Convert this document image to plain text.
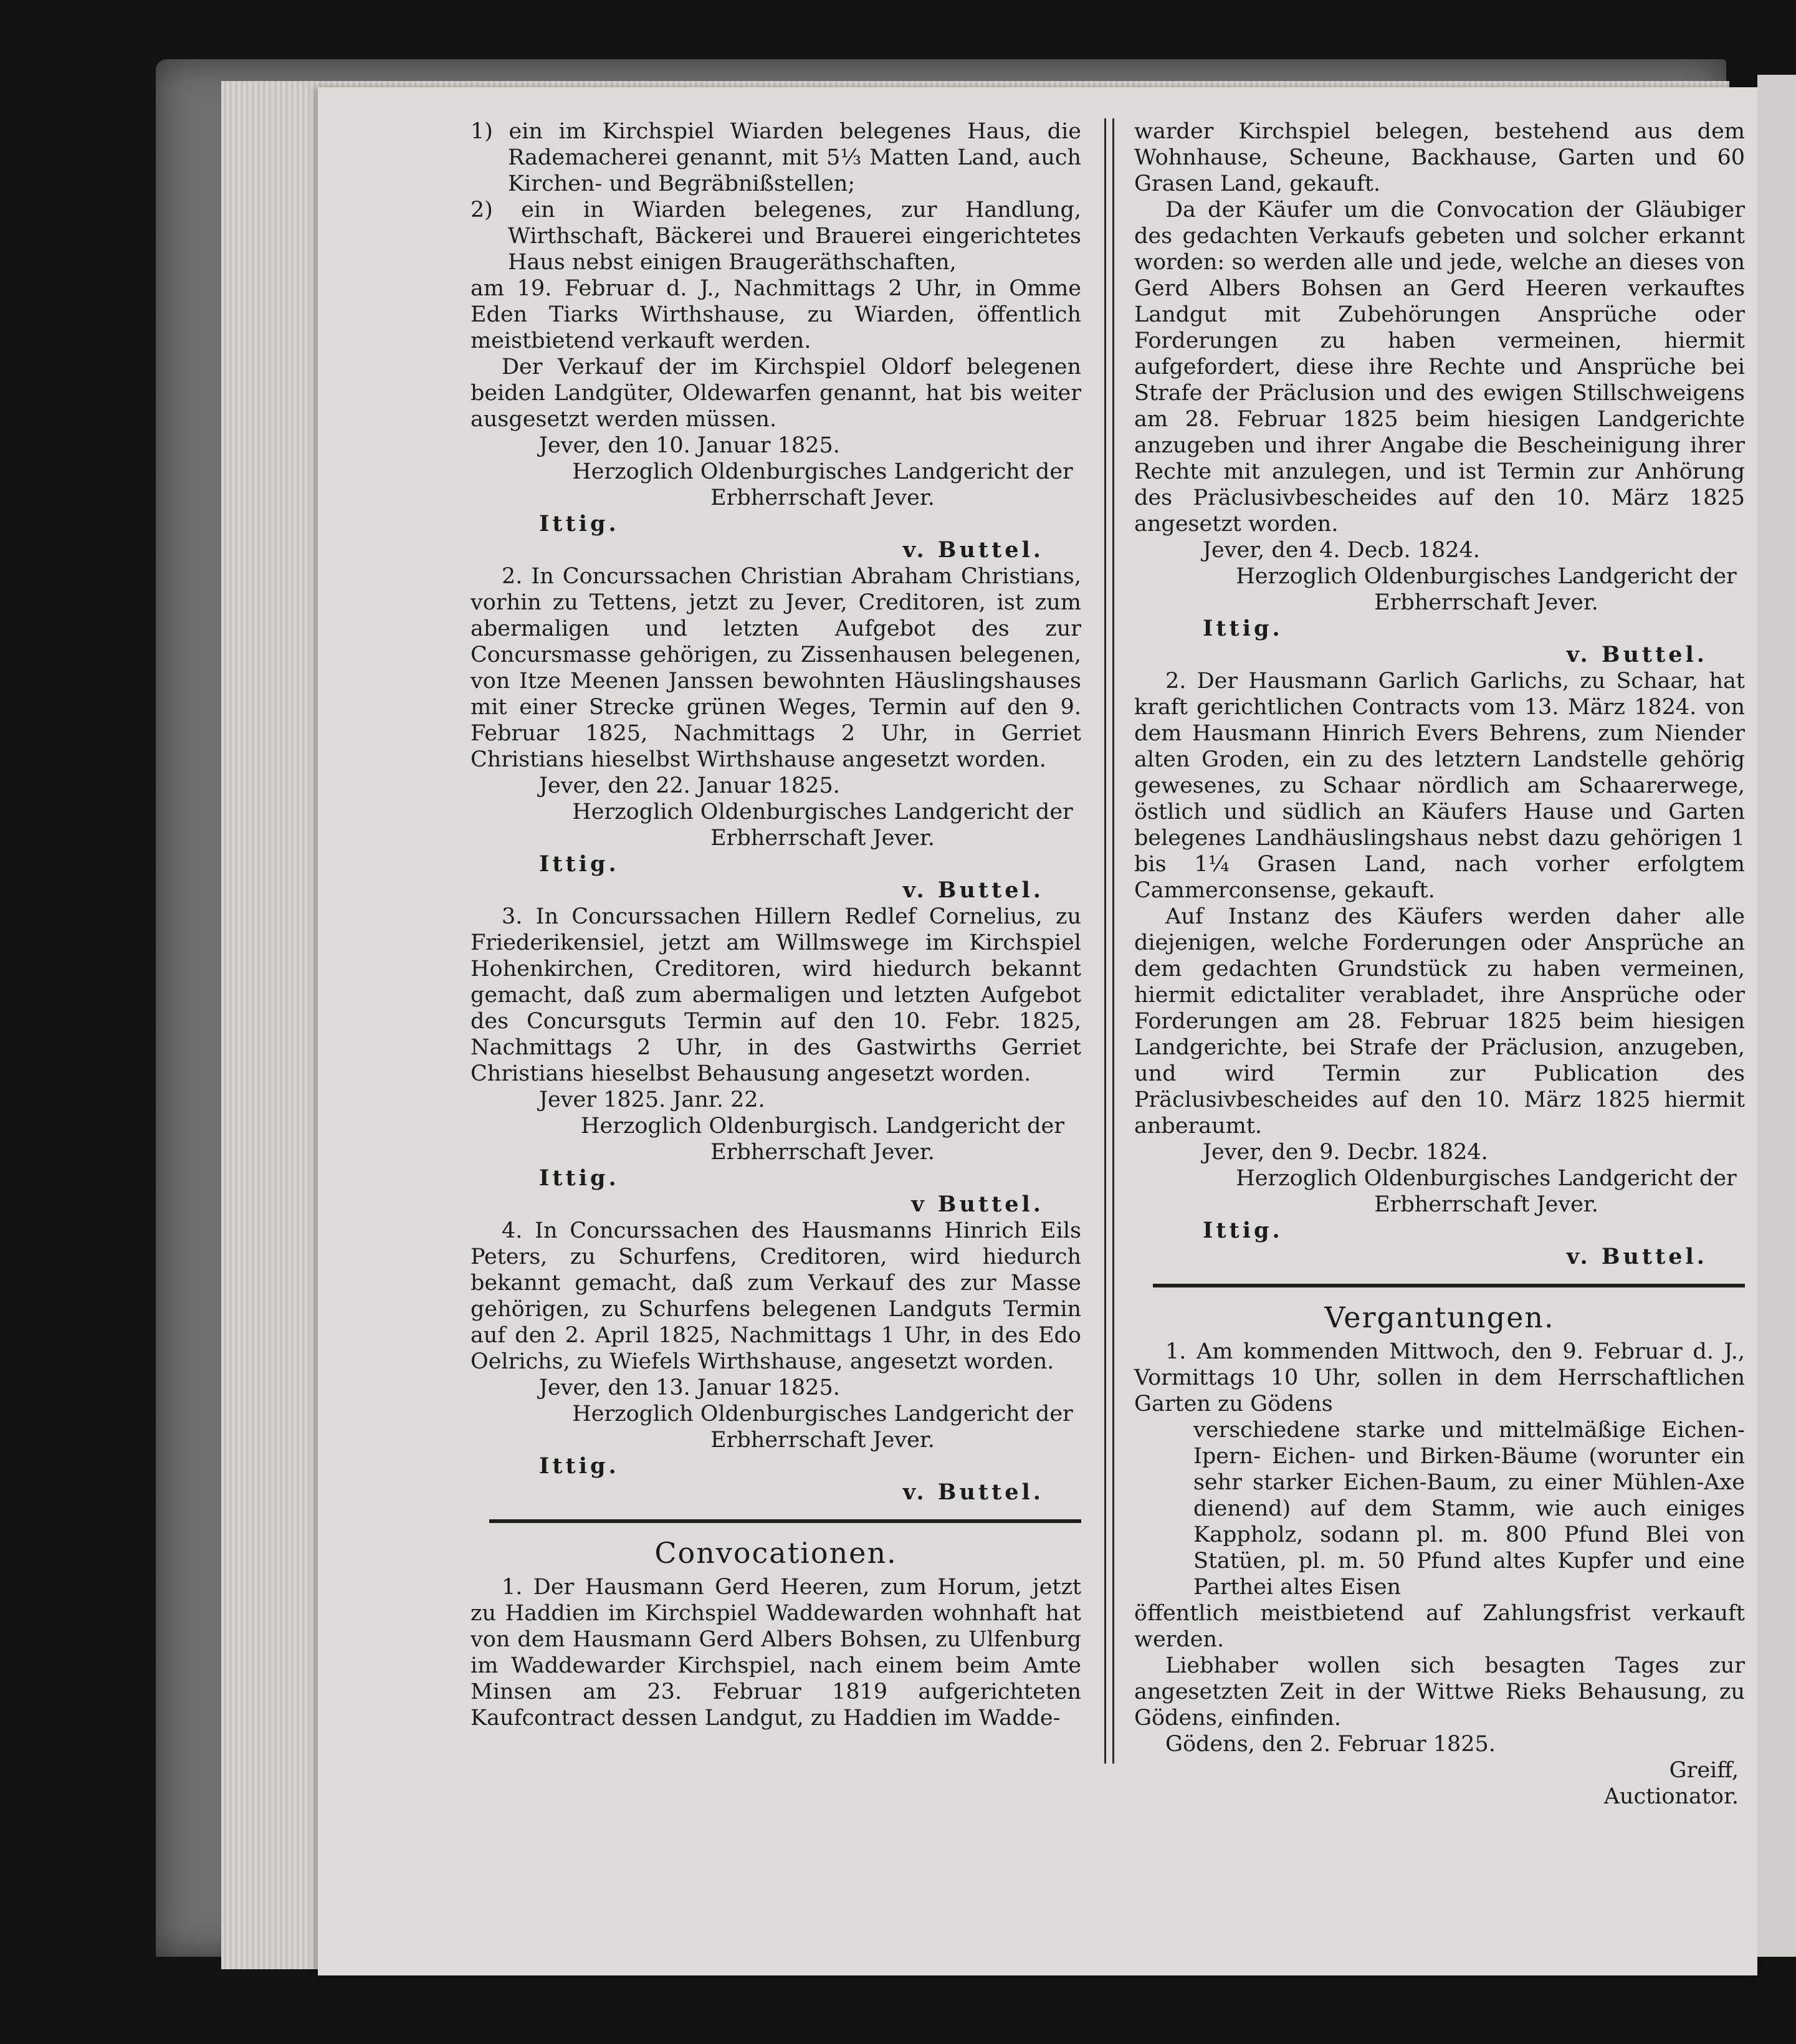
1) ein im Kirchspiel Wiarden belegenes Haus, die Rademacherei genannt, mit 5⅓ Matten Land, auch Kirchen- und Begräbnißstellen;

2) ein in Wiarden belegenes, zur Handlung, Wirthschaft, Bäckerei und Brauerei eingerichtetes Haus nebst einigen Braugeräthschaften,

am 19. Februar d. J., Nachmittags 2 Uhr, in Omme Eden Tiarks Wirthshause, zu Wiarden, öffentlich meistbietend verkauft werden.

Der Verkauf der im Kirchspiel Oldorf belegenen beiden Landgüter, Oldewarfen genannt, hat bis weiter ausgesetzt werden müssen.

Jever, den 10. Januar 1825.

Herzoglich Oldenburgisches Landgericht der Erbherrschaft Jever.

Ittig.

v. Buttel.

2. In Concurssachen Christian Abraham Christians, vorhin zu Tettens, jetzt zu Jever, Creditoren, ist zum abermaligen und letzten Aufgebot des zur Concursmasse gehörigen, zu Zissenhausen belegenen, von Itze Meenen Janssen bewohnten Häuslingshauses mit einer Strecke grünen Weges, Termin auf den 9. Februar 1825, Nachmittags 2 Uhr, in Gerriet Christians hieselbst Wirthshause angesetzt worden.

Jever, den 22. Januar 1825.

Herzoglich Oldenburgisches Landgericht der Erbherrschaft Jever.

Ittig.

v. Buttel.

3. In Concurssachen Hillern Redlef Cornelius, zu Friederikensiel, jetzt am Willmswege im Kirchspiel Hohenkirchen, Creditoren, wird hiedurch bekannt gemacht, daß zum abermaligen und letzten Aufgebot des Concursguts Termin auf den 10. Febr. 1825, Nachmittags 2 Uhr, in des Gastwirths Gerriet Christians hieselbst Behausung angesetzt worden.

Jever 1825. Janr. 22.

Herzoglich Oldenburgisch. Landgericht der Erbherrschaft Jever.

Ittig.

v Buttel.

4. In Concurssachen des Hausmanns Hinrich Eils Peters, zu Schurfens, Creditoren, wird hiedurch bekannt gemacht, daß zum Verkauf des zur Masse gehörigen, zu Schurfens belegenen Landguts Termin auf den 2. April 1825, Nachmittags 1 Uhr, in des Edo Oelrichs, zu Wiefels Wirthshause, angesetzt worden.

Jever, den 13. Januar 1825.

Herzoglich Oldenburgisches Landgericht der Erbherrschaft Jever.

Ittig.

v. Buttel.

Convocationen.

1. Der Hausmann Gerd Heeren, zum Horum, jetzt zu Haddien im Kirchspiel Waddewarden wohnhaft hat von dem Hausmann Gerd Albers Bohsen, zu Ulfenburg im Waddewarder Kirchspiel, nach einem beim Amte Minsen am 23. Februar 1819 aufgerichteten Kaufcontract dessen Landgut, zu Haddien im Wadde-

warder Kirchspiel belegen, bestehend aus dem Wohnhause, Scheune, Backhause, Garten und 60 Grasen Land, gekauft.

Da der Käufer um die Convocation der Gläubiger des gedachten Verkaufs gebeten und solcher erkannt worden: so werden alle und jede, welche an dieses von Gerd Albers Bohsen an Gerd Heeren verkauftes Landgut mit Zubehörungen Ansprüche oder Forderungen zu haben vermeinen, hiermit aufgefordert, diese ihre Rechte und Ansprüche bei Strafe der Präclusion und des ewigen Stillschweigens am 28. Februar 1825 beim hiesigen Landgerichte anzugeben und ihrer Angabe die Bescheinigung ihrer Rechte mit anzulegen, und ist Termin zur Anhörung des Präclusivbescheides auf den 10. März 1825 angesetzt worden.

Jever, den 4. Decb. 1824.

Herzoglich Oldenburgisches Landgericht der Erbherrschaft Jever.

Ittig.

v. Buttel.

2. Der Hausmann Garlich Garlichs, zu Schaar, hat kraft gerichtlichen Contracts vom 13. März 1824. von dem Hausmann Hinrich Evers Behrens, zum Niender alten Groden, ein zu des letztern Landstelle gehörig gewesenes, zu Schaar nördlich am Schaarerwege, östlich und südlich an Käufers Hause und Garten belegenes Landhäuslingshaus nebst dazu gehörigen 1 bis 1¼ Grasen Land, nach vorher erfolgtem Cammerconsense, gekauft.

Auf Instanz des Käufers werden daher alle diejenigen, welche Forderungen oder Ansprüche an dem gedachten Grundstück zu haben vermeinen, hiermit edictaliter verabladet, ihre Ansprüche oder Forderungen am 28. Februar 1825 beim hiesigen Landgerichte, bei Strafe der Präclusion, anzugeben, und wird Termin zur Publication des Präclusivbescheides auf den 10. März 1825 hiermit anberaumt.

Jever, den 9. Decbr. 1824.

Herzoglich Oldenburgisches Landgericht der Erbherrschaft Jever.

Ittig.

v. Buttel.

Vergantungen.

1. Am kommenden Mittwoch, den 9. Februar d. J., Vormittags 10 Uhr, sollen in dem Herrschaftlichen Garten zu Gödens

verschiedene starke und mittelmäßige Eichen-Ipern- Eichen- und Birken-Bäume (worunter ein sehr starker Eichen-Baum, zu einer Mühlen-Axe dienend) auf dem Stamm, wie auch einiges Kappholz, sodann pl. m. 800 Pfund Blei von Statüen, pl. m. 50 Pfund altes Kupfer und eine Parthei altes Eisen

öffentlich meistbietend auf Zahlungsfrist verkauft werden.

Liebhaber wollen sich besagten Tages zur angesetzten Zeit in der Wittwe Rieks Behausung, zu Gödens, einfinden.

Gödens, den 2. Februar 1825.

Greiff,

Auctionator.
